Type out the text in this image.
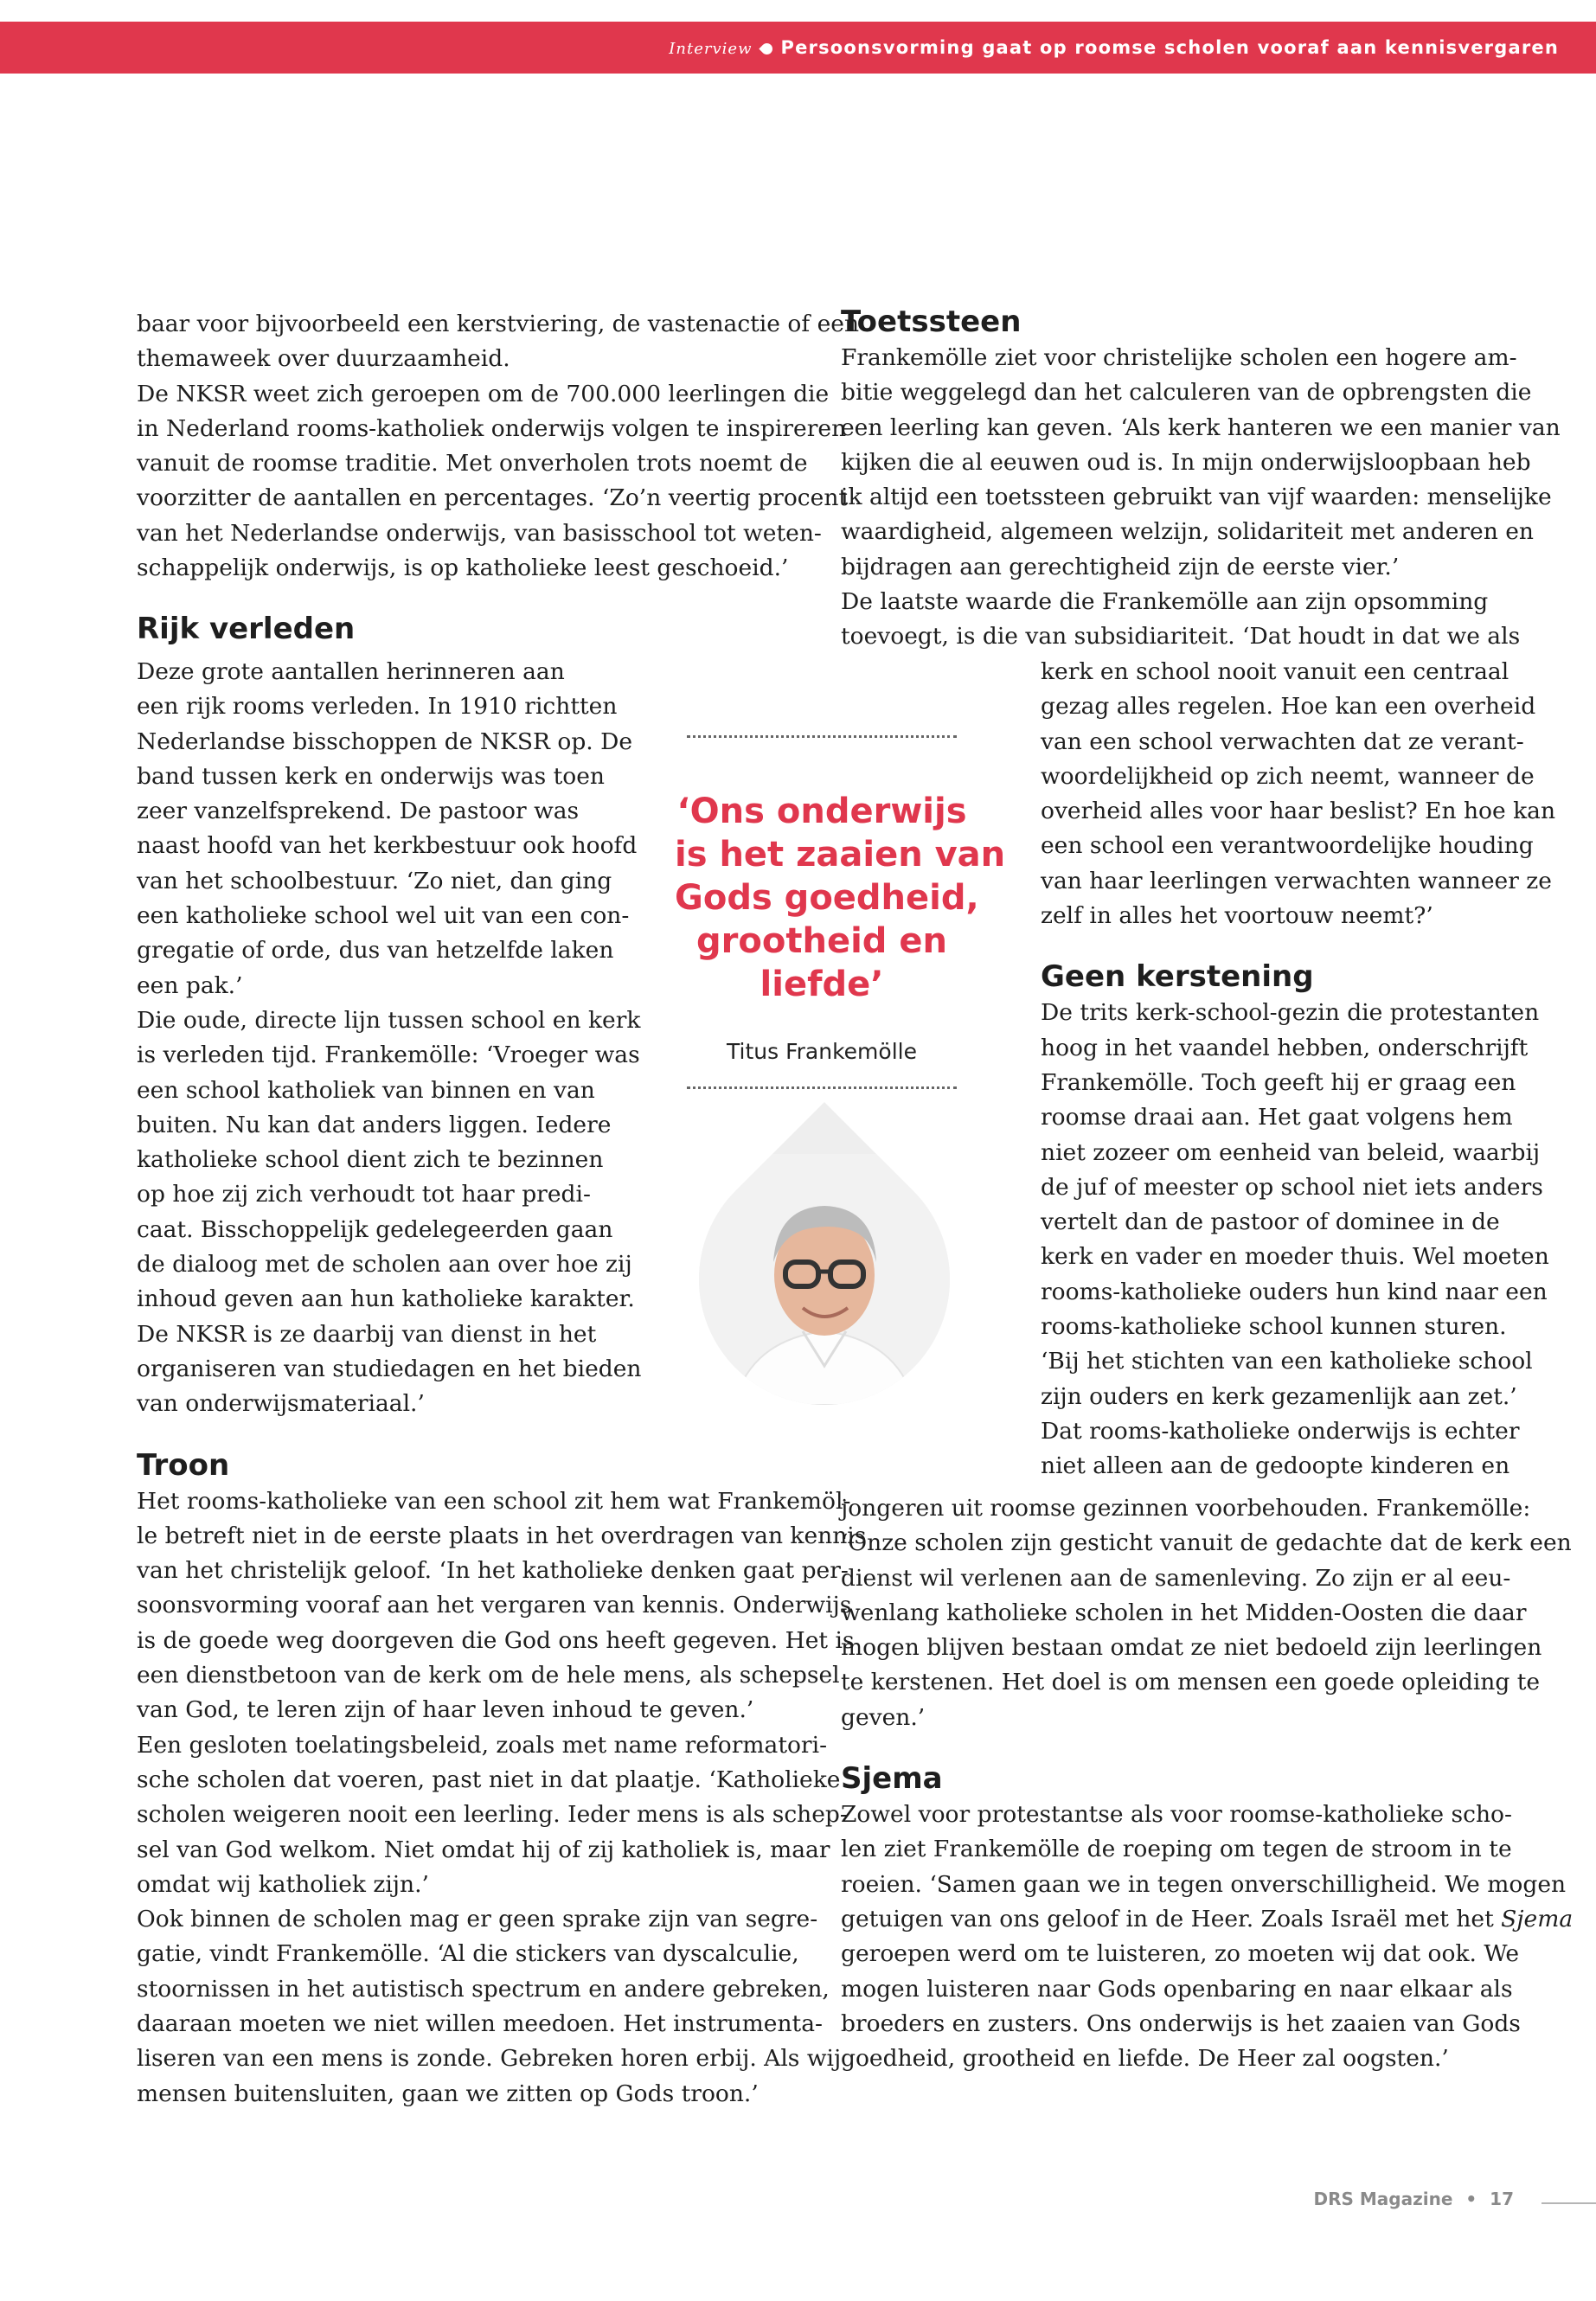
Interview Persoonsvorming gaat op roomse scholen vooraf aan kennisvergaren

baar voor bijvoorbeeld een kerstviering, de vastenactie of een

themaweek over duurzaamheid.

De NKSR weet zich geroepen om de 700.000 leerlingen die

in Nederland rooms-katholiek onderwijs volgen te inspireren

vanuit de roomse traditie. Met onverholen trots noemt de

voorzitter de aantallen en percentages. ‘Zo’n veertig procent

van het Nederlandse onderwijs, van basisschool tot weten-

schappelijk onderwijs, is op katholieke leest geschoeid.’

Rijk verleden

Deze grote aantallen herinneren aan

een rijk rooms verleden. In 1910 richtten

Nederlandse bisschoppen de NKSR op. De

band tussen kerk en onderwijs was toen

zeer vanzelfsprekend. De pastoor was

naast hoofd van het kerkbestuur ook hoofd

van het schoolbestuur. ‘Zo niet, dan ging

een katholieke school wel uit van een con-

gregatie of orde, dus van hetzelfde laken

een pak.’

Die oude, directe lijn tussen school en kerk

is verleden tijd. Frankemölle: ‘Vroeger was

een school katholiek van binnen en van

buiten. Nu kan dat anders liggen. Iedere

katholieke school dient zich te bezinnen

op hoe zij zich verhoudt tot haar predi-

caat. Bisschoppelijk gedelegeerden gaan

de dialoog met de scholen aan over hoe zij

inhoud geven aan hun katholieke karakter.

De NKSR is ze daarbij van dienst in het

organiseren van studiedagen en het bieden

van onderwijsmateriaal.’

Troon

Het rooms-katholieke van een school zit hem wat Frankemöl-

le betreft niet in de eerste plaats in het overdragen van kennis

van het christelijk geloof. ‘In het katholieke denken gaat per-

soonsvorming vooraf aan het vergaren van kennis. Onderwijs

is de goede weg doorgeven die God ons heeft gegeven. Het is

een dienstbetoon van de kerk om de hele mens, als schepsel

van God, te leren zijn of haar leven inhoud te geven.’

Een gesloten toelatingsbeleid, zoals met name reformatori-

sche scholen dat voeren, past niet in dat plaatje. ‘Katholieke

scholen weigeren nooit een leerling. Ieder mens is als schep-

sel van God welkom. Niet omdat hij of zij katholiek is, maar

omdat wij katholiek zijn.’

Ook binnen de scholen mag er geen sprake zijn van segre-

gatie, vindt Frankemölle. ‘Al die stickers van dyscalculie,

stoornissen in het autistisch spectrum en andere gebreken,

daaraan moeten we niet willen meedoen. Het instrumenta-

liseren van een mens is zonde. Gebreken horen erbij. Als wij

mensen buitensluiten, gaan we zitten op Gods troon.’

Toetssteen

Frankemölle ziet voor christelijke scholen een hogere am-

bitie weggelegd dan het calculeren van de opbrengsten die

een leerling kan geven. ‘Als kerk hanteren we een manier van

kijken die al eeuwen oud is. In mijn onderwijsloopbaan heb

ik altijd een toetssteen gebruikt van vijf waarden: menselijke

waardigheid, algemeen welzijn, solidariteit met anderen en

bijdragen aan gerechtigheid zijn de eerste vier.’

De laatste waarde die Frankemölle aan zijn opsomming

toevoegt, is die van subsidiariteit. ‘Dat houdt in dat we als

kerk en school nooit vanuit een centraal

gezag alles regelen. Hoe kan een overheid

van een school verwachten dat ze verant-

woordelijkheid op zich neemt, wanneer de

overheid alles voor haar beslist? En hoe kan

een school een verantwoordelijke houding

van haar leerlingen verwachten wanneer ze

zelf in alles het voortouw neemt?’

Geen kerstening

De trits kerk-school-gezin die protestanten

hoog in het vaandel hebben, onderschrijft

Frankemölle. Toch geeft hij er graag een

roomse draai aan. Het gaat volgens hem

niet zozeer om eenheid van beleid, waarbij

de juf of meester op school niet iets anders

vertelt dan de pastoor of dominee in de

kerk en vader en moeder thuis. Wel moeten

rooms-katholieke ouders hun kind naar een

rooms-katholieke school kunnen sturen.

‘Bij het stichten van een katholieke school

zijn ouders en kerk gezamenlijk aan zet.’

Dat rooms-katholieke onderwijs is echter

niet alleen aan de gedoopte kinderen en

jongeren uit roomse gezinnen voorbehouden. Frankemölle:

‘Onze scholen zijn gesticht vanuit de gedachte dat de kerk een

dienst wil verlenen aan de samenleving. Zo zijn er al eeu-

wenlang katholieke scholen in het Midden-Oosten die daar

mogen blijven bestaan omdat ze niet bedoeld zijn leerlingen

te kerstenen. Het doel is om mensen een goede opleiding te

geven.’

Sjema

Zowel voor protestantse als voor roomse-katholieke scho-

len ziet Frankemölle de roeping om tegen de stroom in te

roeien. ‘Samen gaan we in tegen onverschilligheid. We mogen

getuigen van ons geloof in de Heer. Zoals Israël met het Sjema

geroepen werd om te luisteren, zo moeten wij dat ook. We

mogen luisteren naar Gods openbaring en naar elkaar als

broeders en zusters. Ons onderwijs is het zaaien van Gods

goedheid, grootheid en liefde. De Heer zal oogsten.’

‘Ons onderwijs
is het zaaien van
Gods goedheid,
grootheid en
liefde’
Titus Frankemölle
DRS Magazine • 17
